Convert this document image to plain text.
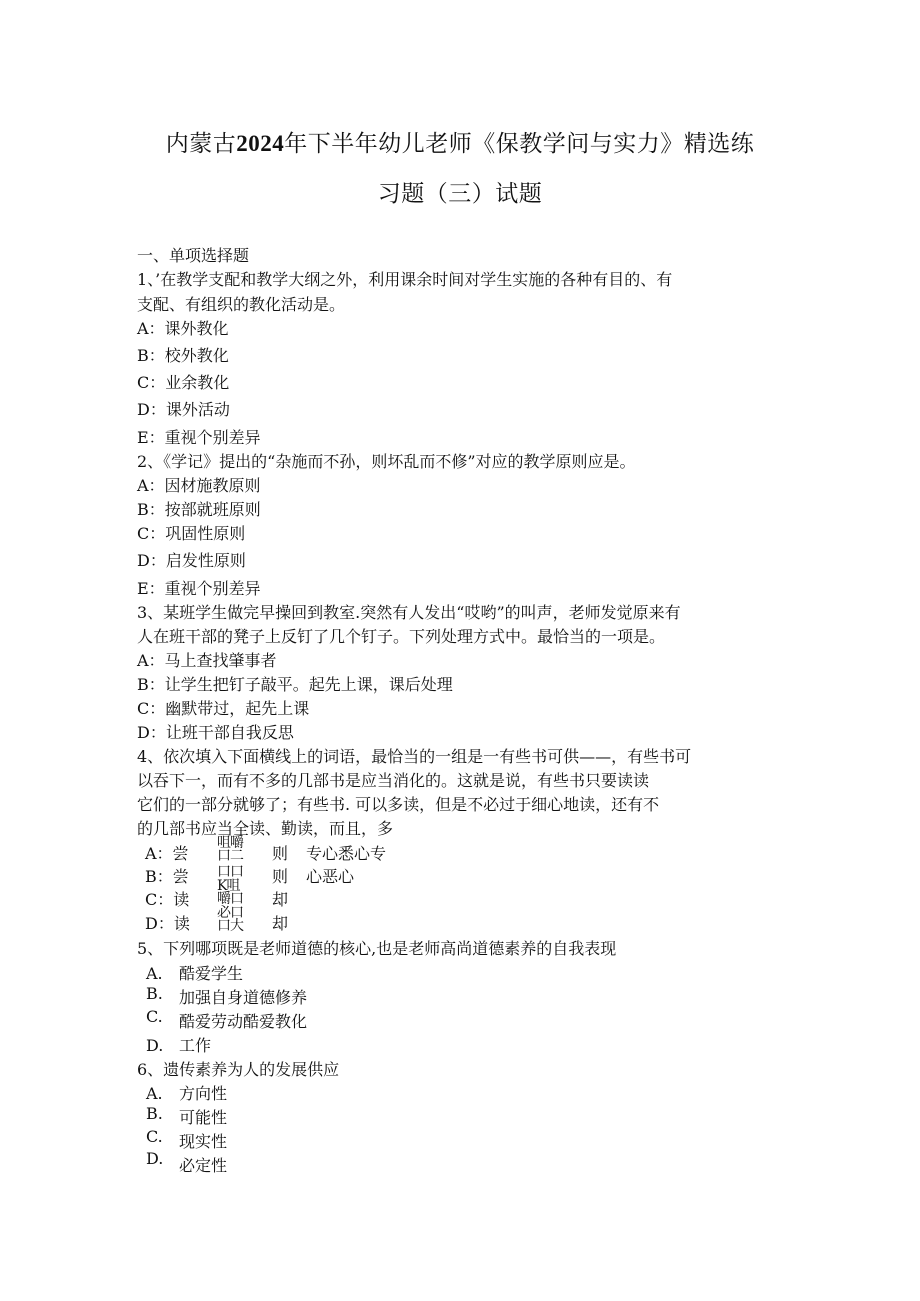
内蒙古2024年下半年幼儿老师《保教学问与实力》精选练
习题（三）试题
一、单项选择题
1、’在教学支配和教学大纲之外，利用课余时间对学生实施的各种有目的、有
支配、有组织的教化活动是。
A：课外教化
B：校外教化
C：业余教化
D：课外活动
E：重视个别差异
2、《学记》提出的“杂施而不孙，则坏乱而不修”对应的教学原则应是。
A：因材施教原则
B：按部就班原则
C：巩固性原则
D：启发性原则
E：重视个别差异
3、某班学生做完早操回到教室.突然有人发出“哎哟”的叫声，老师发觉原来有
人在班干部的凳子上反钉了几个钉子。下列处理方式中。最恰当的一项是。
A：马上查找肇事者
B：让学生把钉子敲平。起先上课，课后处理
C：幽默带过，起先上课
D：让班干部自我反思
4、依次填入下面横线上的词语，最恰当的一组是一有些书可供——，有些书可
以吞下一，而有不多的几部书是应当消化的。这就是说，有些书只要读读
它们的一部分就够了；有些书. 可以多读，但是不必过于细心地读，还有不
的几部书应当全读、勤读，而且，多
A：尝
咀嚼
口二 则 专心悉心专
B：尝 口口 则 心恶心
C：读
K咀
嚼口 却
D：读
必口
口大 却
5、下列哪项既是老师道德的核心,也是老师高尚道德素养的自我表现
A. 酷爱学生
B. 加强自身道德修养
C. 酷爱劳动酷爱教化
D. 工作
6、遗传素养为人的发展供应
A. 方向性
B. 可能性
C. 现实性
D. 必定性
